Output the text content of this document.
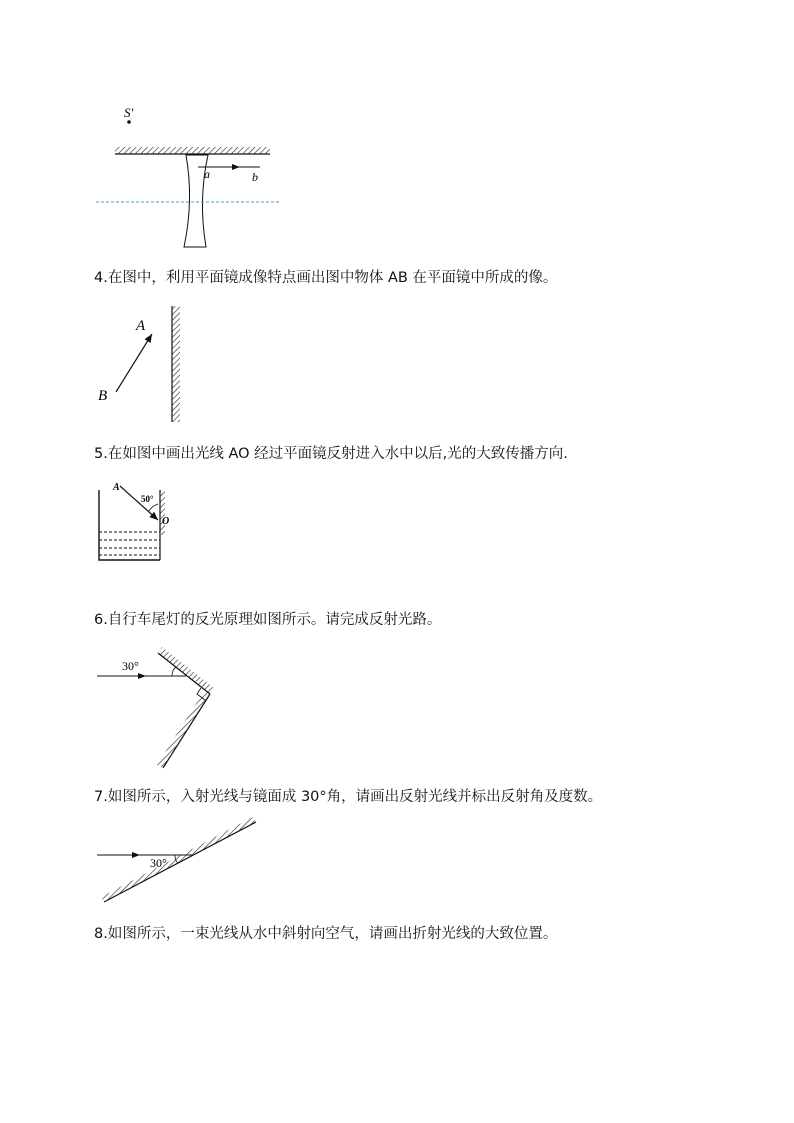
S′
a	b
A
B
A
50°
O
30°
30°
4.在图中，利用平面镜成像特点画出图中物体 AB 在平面镜中所成的像。
5.在如图中画出光线 AO 经过平面镜反射进入水中以后,光的大致传播方向.
6.自行车尾灯的反光原理如图所示。请完成反射光路。
7.如图所示，入射光线与镜面成 30°角，请画出反射光线并标出反射角及度数。
8.如图所示，一束光线从水中斜射向空气，请画出折射光线的大致位置。
